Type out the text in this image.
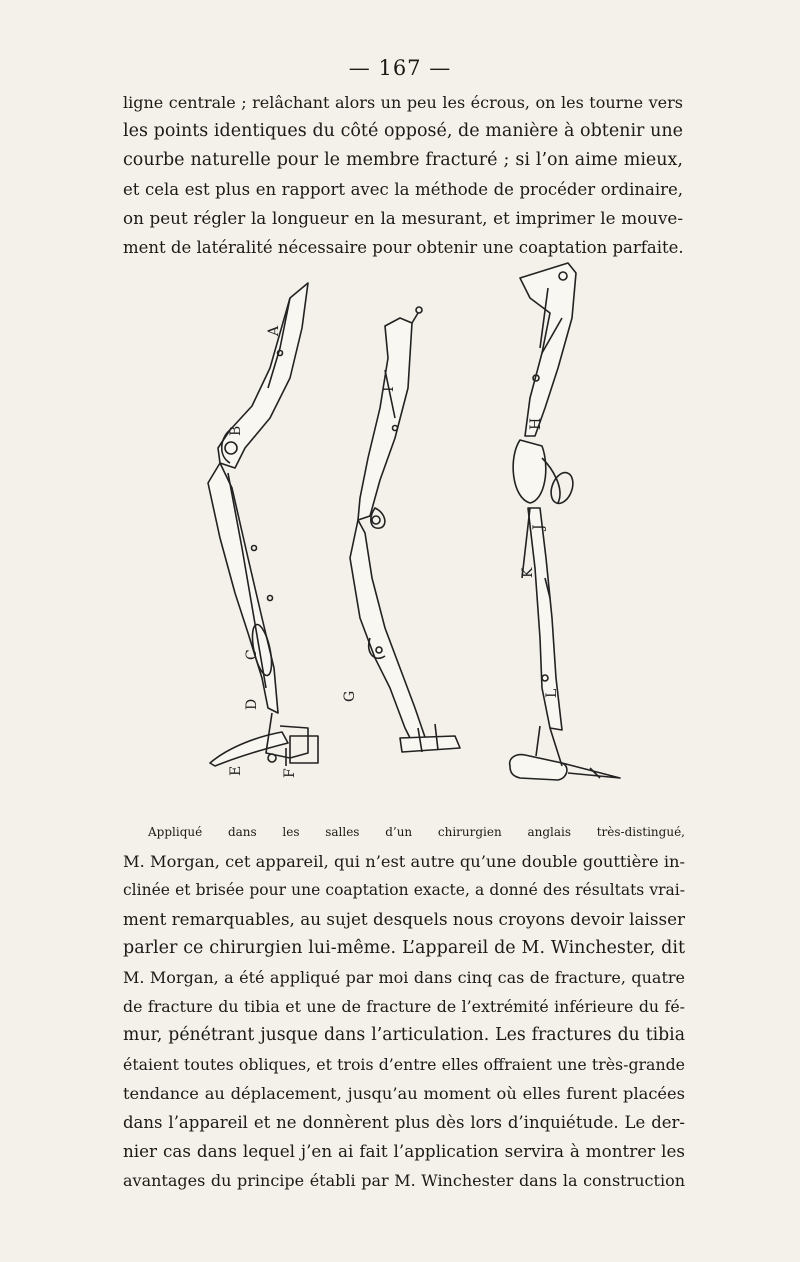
— 167 —
ligne centrale ; relâchant alors un peu les écrous, on les tourne vers
les points identiques du côté opposé, de manière à obtenir une
courbe naturelle pour le membre fracturé ; si l’on aime mieux,
et cela est plus en rapport avec la méthode de procéder ordinaire,
on peut régler la longueur en la mesurant, et imprimer le mouve-
ment de latéralité nécessaire pour obtenir une coaptation parfaite.
A
B
C
D
E	F
G
I
H
J
K
L
Appliqué dans les salles d’un chirurgien anglais très-distingué,
M. Morgan, cet appareil, qui n’est autre qu’une double gouttière in-
clinée et brisée pour une coaptation exacte, a donné des résultats vrai-
ment remarquables, au sujet desquels nous croyons devoir laisser
parler ce chirurgien lui-même. L’appareil de M. Winchester, dit
M. Morgan, a été appliqué par moi dans cinq cas de fracture, quatre
de fracture du tibia et une de fracture de l’extrémité inférieure du fé-
mur, pénétrant jusque dans l’articulation. Les fractures du tibia
étaient toutes obliques, et trois d’entre elles offraient une très-grande
tendance au déplacement, jusqu’au moment où elles furent placées
dans l’appareil et ne donnèrent plus dès lors d’inquiétude. Le der-
nier cas dans lequel j’en ai fait l’application servira à montrer les
avantages du principe établi par M. Winchester dans la construction
